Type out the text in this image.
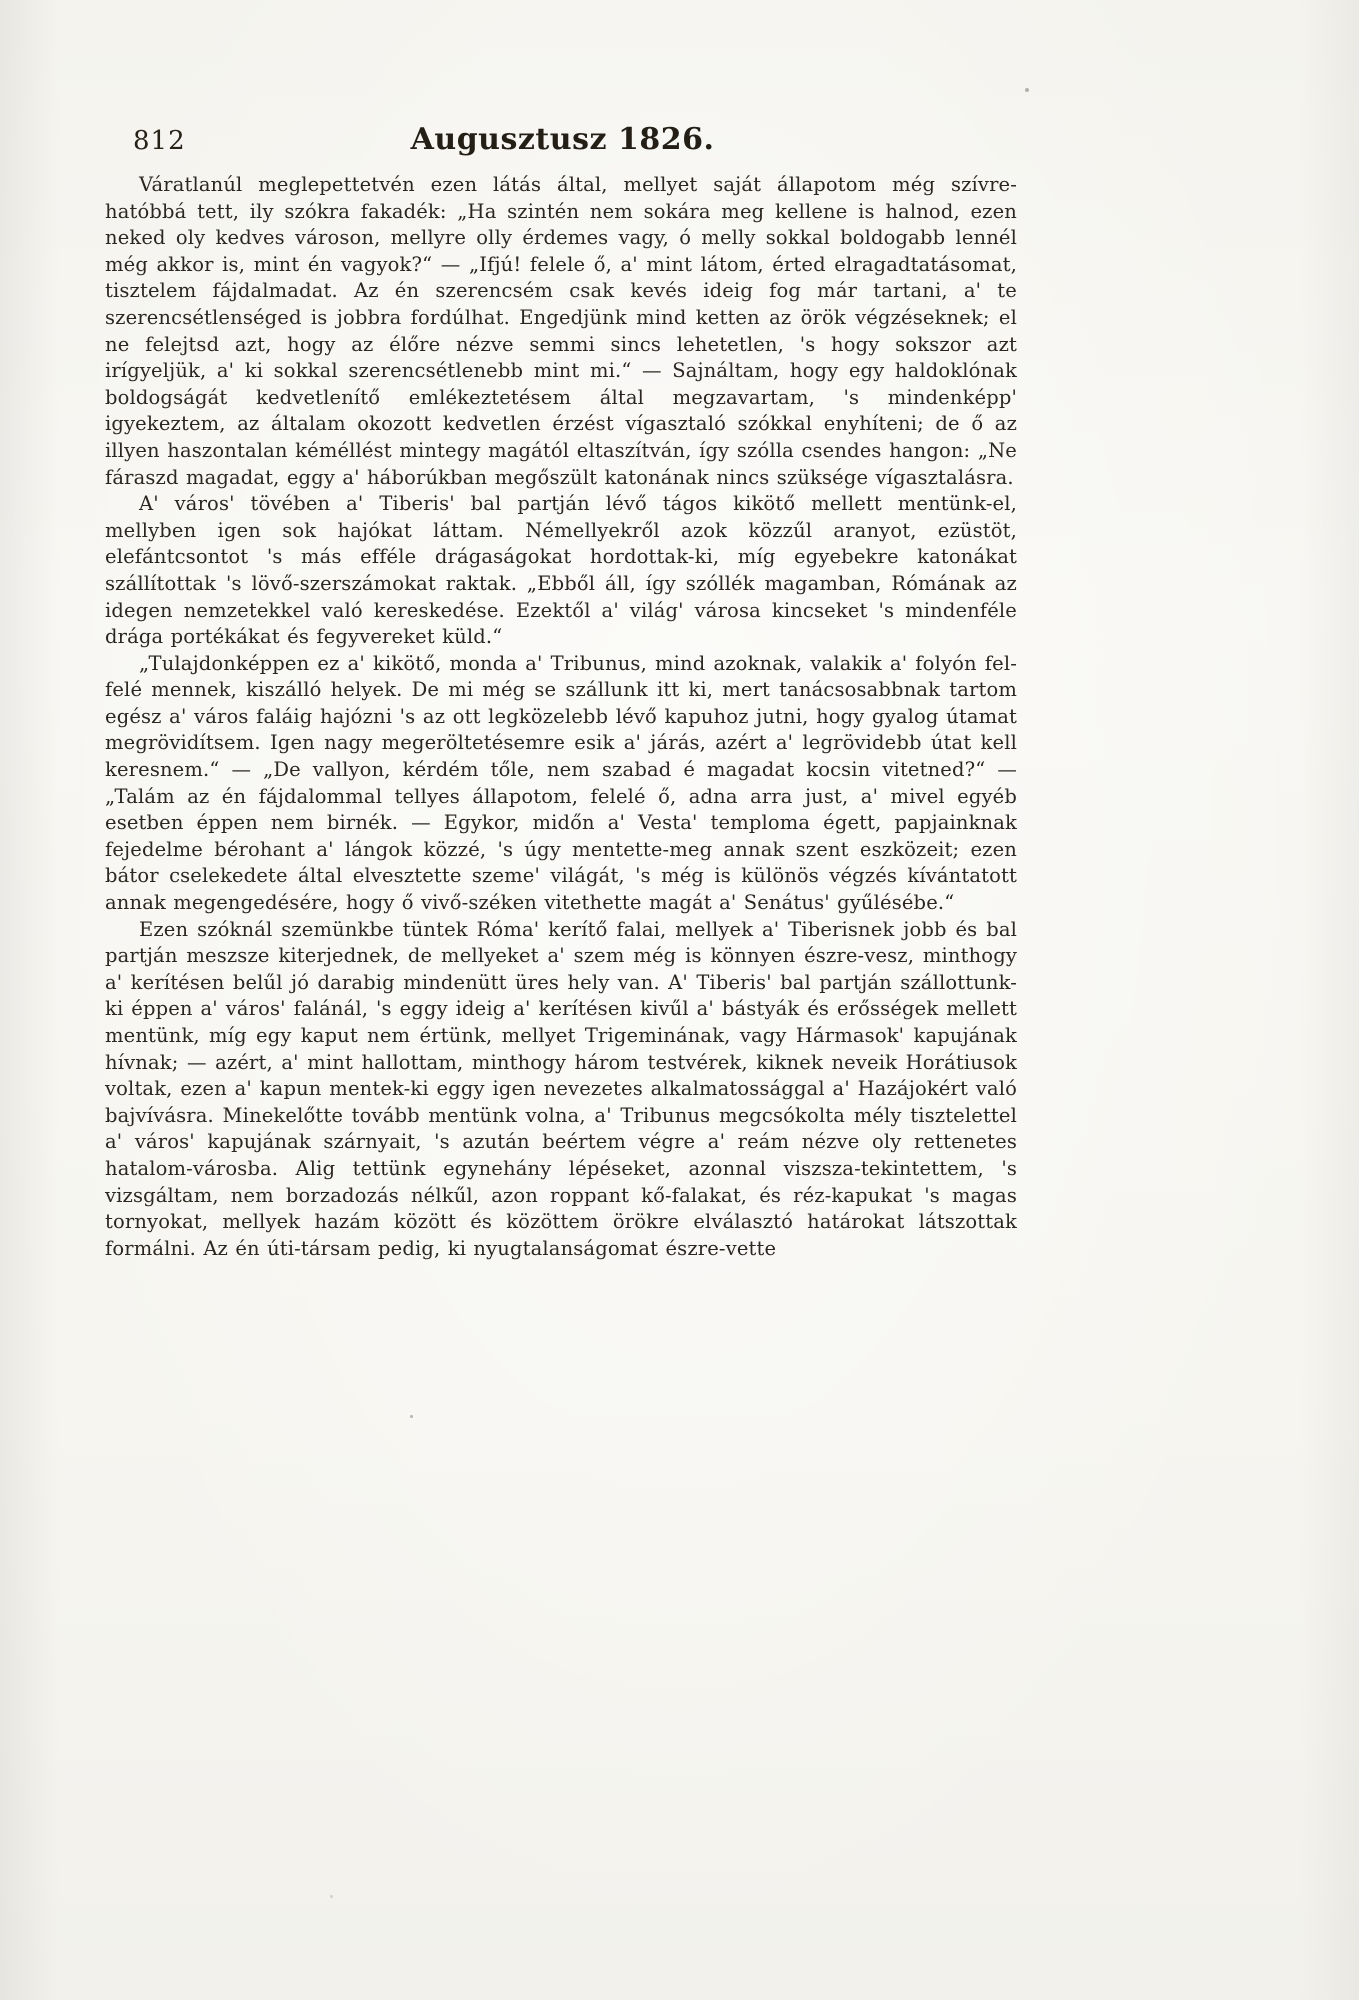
812	Augusztusz 1826.

Váratlanúl meglepettetvén ezen látás által, mellyet saját állapotom még szívre-hatóbbá tett, ily szókra fakadék: „Ha szintén nem sokára meg kellene is halnod, ezen neked oly kedves városon, mellyre olly érdemes vagy, ó melly sokkal boldogabb lennél még akkor is, mint én vagyok?“ — „Ifjú! felele ő, a' mint látom, érted elragadtatásomat, tisztelem fájdalmadat. Az én szerencsém csak kevés ideig fog már tartani, a' te szerencsétlenséged is jobbra fordúlhat. Engedjünk mind ketten az örök végzéseknek; el ne felejtsd azt, hogy az élőre nézve semmi sincs lehetetlen, 's hogy sokszor azt irígyeljük, a' ki sokkal szerencsétlenebb mint mi.“ — Sajnáltam, hogy egy haldoklónak boldogságát kedvetlenítő emlékeztetésem által megzavartam, 's mindenképp' igyekeztem, az általam okozott kedvetlen érzést vígasztaló szókkal enyhíteni; de ő az illyen haszontalan kéméllést mintegy magától eltaszítván, így szólla csendes hangon: „Ne fáraszd magadat, eggy a' háborúkban megőszült katonának nincs szüksége vígasztalásra.

A' város' tövében a' Tiberis' bal partján lévő tágos kikötő mellett mentünk-el, mellyben igen sok hajókat láttam. Némellyekről azok közzűl aranyot, ezüstöt, elefántcsontot 's más efféle drágaságokat hordottak-ki, míg egyebekre katonákat szállítottak 's lövő-szerszámokat raktak. „Ebből áll, így szóllék magamban, Rómának az idegen nemzetekkel való kereskedése. Ezektől a' világ' városa kincseket 's mindenféle drága portékákat és fegyvereket küld.“

„Tulajdonképpen ez a' kikötő, monda a' Tribunus, mind azoknak, valakik a' folyón fel-felé mennek, kiszálló helyek. De mi még se szállunk itt ki, mert tanácsosabbnak tartom egész a' város faláig hajózni 's az ott legközelebb lévő kapuhoz jutni, hogy gyalog útamat megrövidítsem. Igen nagy megeröltetésemre esik a' járás, azért a' legrövidebb útat kell keresnem.“ — „De vallyon, kérdém tőle, nem szabad é magadat kocsin vitetned?“ — „Talám az én fájdalommal tellyes állapotom, felelé ő, adna arra just, a' mivel egyéb esetben éppen nem birnék. — Egykor, midőn a' Vesta' temploma égett, papjainknak fejedelme bérohant a' lángok közzé, 's úgy mentette-meg annak szent eszközeit; ezen bátor cselekedete által elvesztette szeme' világát, 's még is különös végzés kívántatott annak megengedésére, hogy ő vivő-széken vitethette magát a' Senátus' gyűlésébe.“

Ezen szóknál szemünkbe tüntek Róma' kerítő falai, mellyek a' Tiberisnek jobb és bal partján meszsze kiterjednek, de mellyeket a' szem még is könnyen észre-vesz, minthogy a' kerítésen belűl jó darabig mindenütt üres hely van. A' Tiberis' bal partján szállottunk-ki éppen a' város' falánál, 's eggy ideig a' kerítésen kivűl a' bástyák és erősségek mellett mentünk, míg egy kaput nem értünk, mellyet Trigeminának, vagy Hármasok' kapujának hívnak; — azért, a' mint hallottam, minthogy három testvérek, kiknek neveik Horátiusok voltak, ezen a' kapun mentek-ki eggy igen nevezetes alkalmatossággal a' Hazájokért való bajvívásra. Minekelőtte tovább mentünk volna, a' Tribunus megcsókolta mély tisztelettel a' város' kapujának szárnyait, 's azután beértem végre a' reám nézve oly rettenetes hatalom-városba. Alig tettünk egynehány lépéseket, azonnal viszsza-tekintettem, 's vizsgáltam, nem borzadozás nélkűl, azon roppant kő-falakat, és réz-kapukat 's magas tornyokat, mellyek hazám között és közöttem örökre elválasztó határokat látszottak formálni. Az én úti-társam pedig, ki nyugtalanságomat észre-vette
